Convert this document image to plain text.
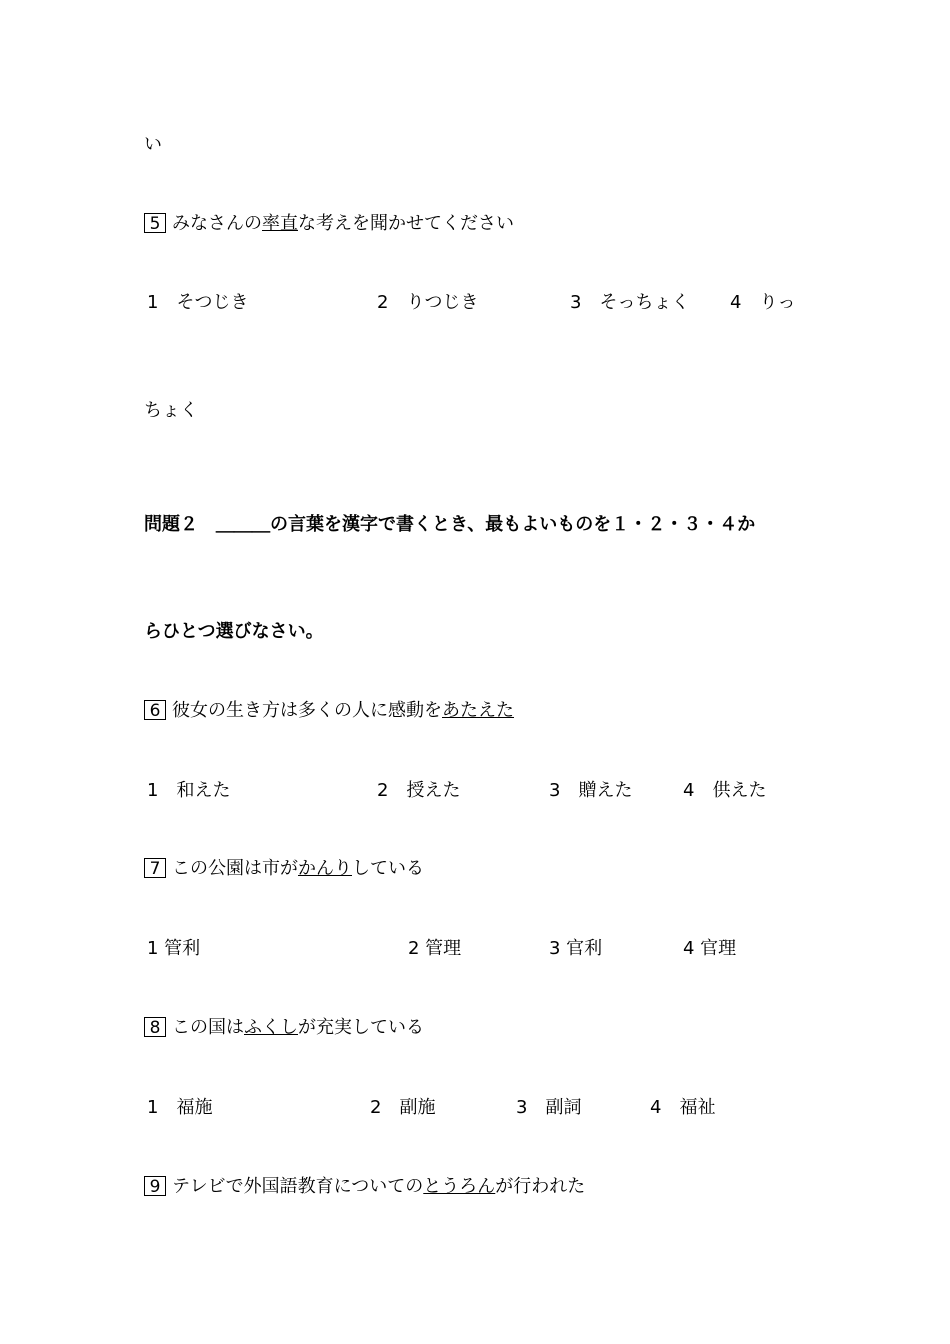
い
5 みなさんの率直な考えを聞かせてください
1　そつじき	2　りつじき	3　そっちょく 4　りっ
ちょく
問題２　＿＿＿の言葉を漢字で書くとき、最もよいものを１・２・３・４か
らひとつ選びなさい。
6 彼女の生き方は多くの人に感動をあたえた
1　和えた	2　授えた	3　贈えた	4　供えた
7 この公園は市がかんりしている
1 管利	2 管理	3 官利	4 官理
8 この国はふくしが充実している
1　福施	2　副施	3　副詞	4　福祉
9 テレビで外国語教育についてのとうろんが行われた
